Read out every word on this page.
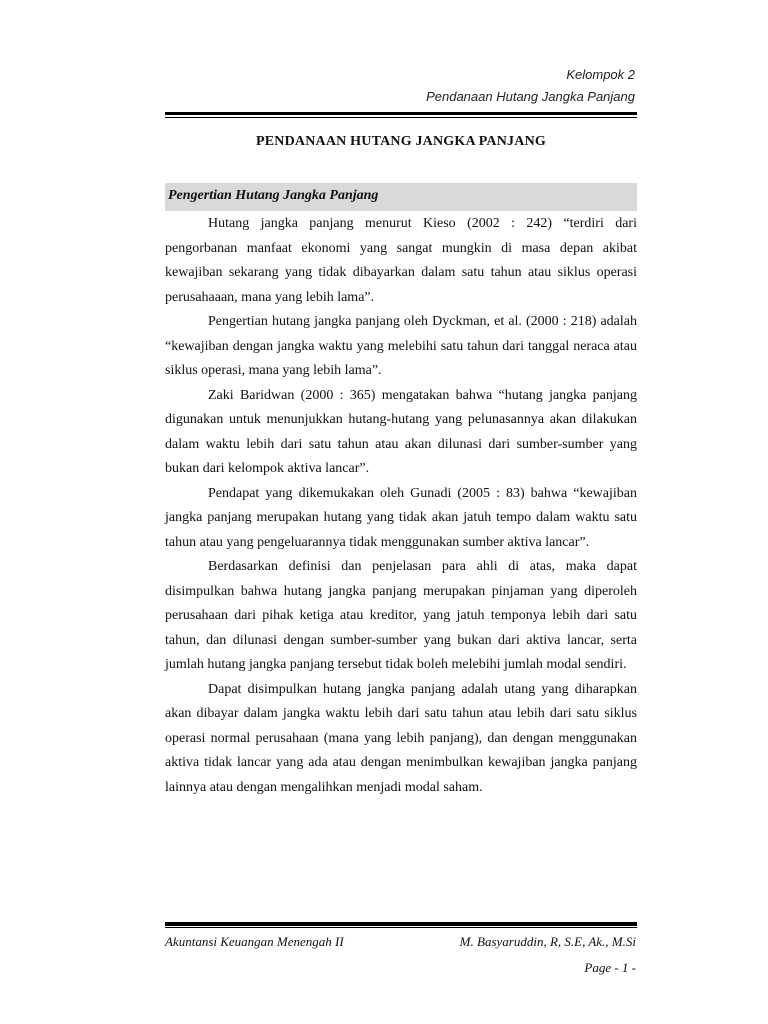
Kelompok 2
Pendanaan Hutang Jangka Panjang
PENDANAAN HUTANG JANGKA PANJANG
Pengertian Hutang Jangka Panjang

Hutang jangka panjang menurut Kieso (2002 : 242) “terdiri dari pengorbanan manfaat ekonomi yang sangat mungkin di masa depan akibat kewajiban sekarang yang tidak dibayarkan dalam satu tahun atau siklus operasi perusahaaan, mana yang lebih lama”.

Pengertian hutang jangka panjang oleh Dyckman, et al. (2000 : 218) adalah “kewajiban dengan jangka waktu yang melebihi satu tahun dari tanggal neraca atau siklus operasi, mana yang lebih lama”.

Zaki Baridwan (2000 : 365) mengatakan bahwa “hutang jangka panjang digunakan untuk menunjukkan hutang-hutang yang pelunasannya akan dilakukan dalam waktu lebih dari satu tahun atau akan dilunasi dari sumber-sumber yang bukan dari kelompok aktiva lancar”.

Pendapat yang dikemukakan oleh Gunadi (2005 : 83) bahwa “kewajiban jangka panjang merupakan hutang yang tidak akan jatuh tempo dalam waktu satu tahun atau yang pengeluarannya tidak menggunakan sumber aktiva lancar”.

Berdasarkan definisi dan penjelasan para ahli di atas, maka dapat disimpulkan bahwa hutang jangka panjang merupakan pinjaman yang diperoleh perusahaan dari pihak ketiga atau kreditor, yang jatuh temponya lebih dari satu tahun, dan dilunasi dengan sumber-sumber yang bukan dari aktiva lancar, serta jumlah hutang jangka panjang tersebut tidak boleh melebihi jumlah modal sendiri.

Dapat disimpulkan hutang jangka panjang adalah utang yang diharapkan akan dibayar dalam jangka waktu lebih dari satu tahun atau lebih dari satu siklus operasi normal perusahaan (mana yang lebih panjang), dan dengan menggunakan aktiva tidak lancar yang ada atau dengan menimbulkan kewajiban jangka panjang lainnya atau dengan mengalihkan menjadi modal saham.

Akuntansi Keuangan Menengah II	M. Basyaruddin, R, S.E, Ak., M.Si
Page - 1 -
